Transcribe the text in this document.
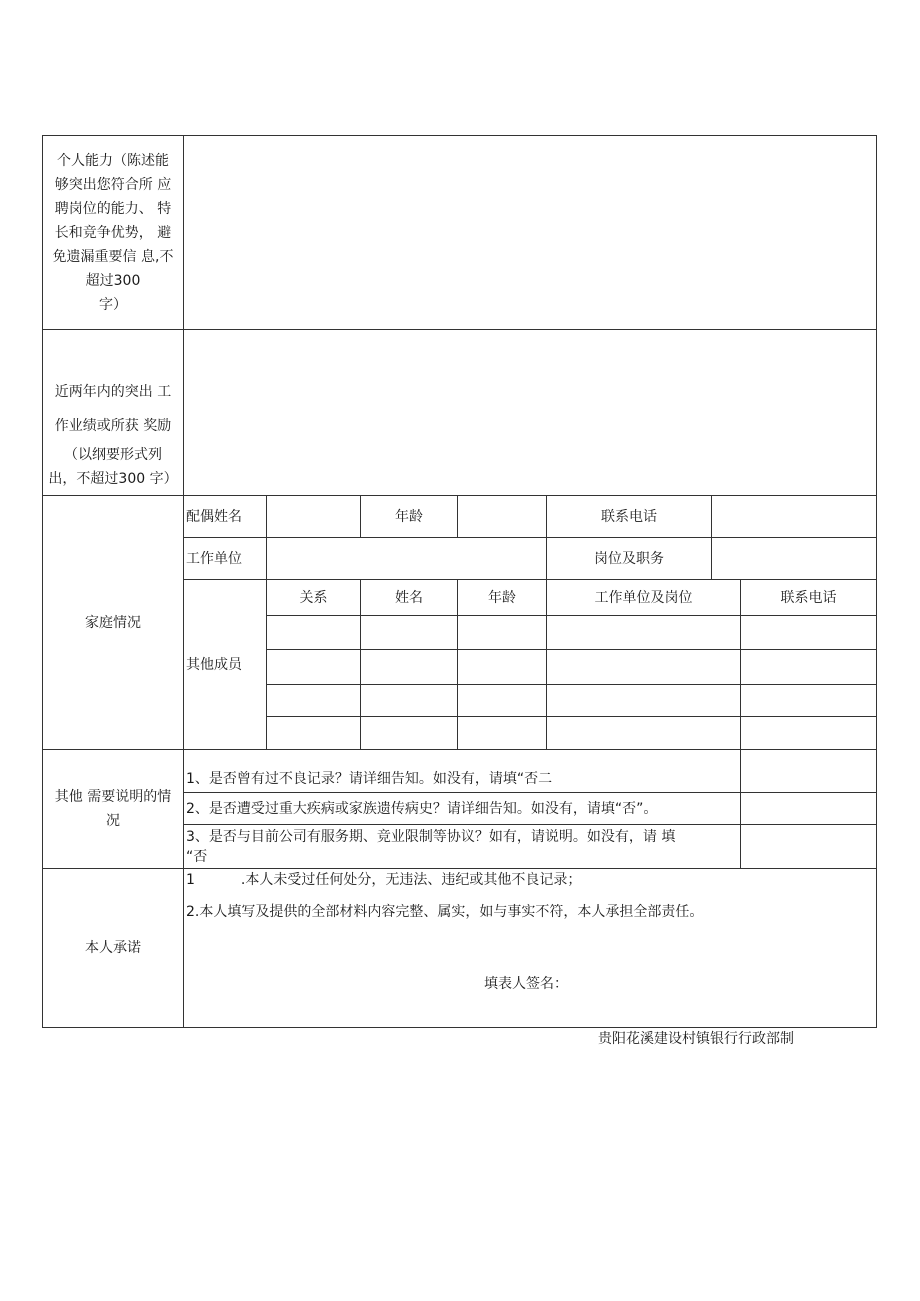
个人能力（陈述能
够突出您符合所 应
聘岗位的能力、 特
长和竞争优势， 避
免遗漏重要信 息,不
超过300
字）
近两年内的突出 工
作业绩或所获 奖励
（以纲要形式列
出，不超过300 字）
家庭情况
配偶姓名	年龄	联系电话
工作单位	岗位及职务
其他成员
关系	姓名	年龄	工作单位及岗位	联系电话
其他 需要说明的情
况
1、是否曾有过不良记录？请详细告知。如没有，请填“否二
2、是否遭受过重大疾病或家族遗传病史？请详细告知。如没有，请填“否”。
3、是否与目前公司有服务期、竞业限制等协议？如有，请说明。如没有，请 填
“否
本人承诺
1	.本人未受过任何处分，无违法、违纪或其他不良记录；
2.本人填写及提供的全部材料内容完整、属实，如与事实不符，本人承担全部责任。
填表人签名：
贵阳花溪建设村镇银行行政部制
